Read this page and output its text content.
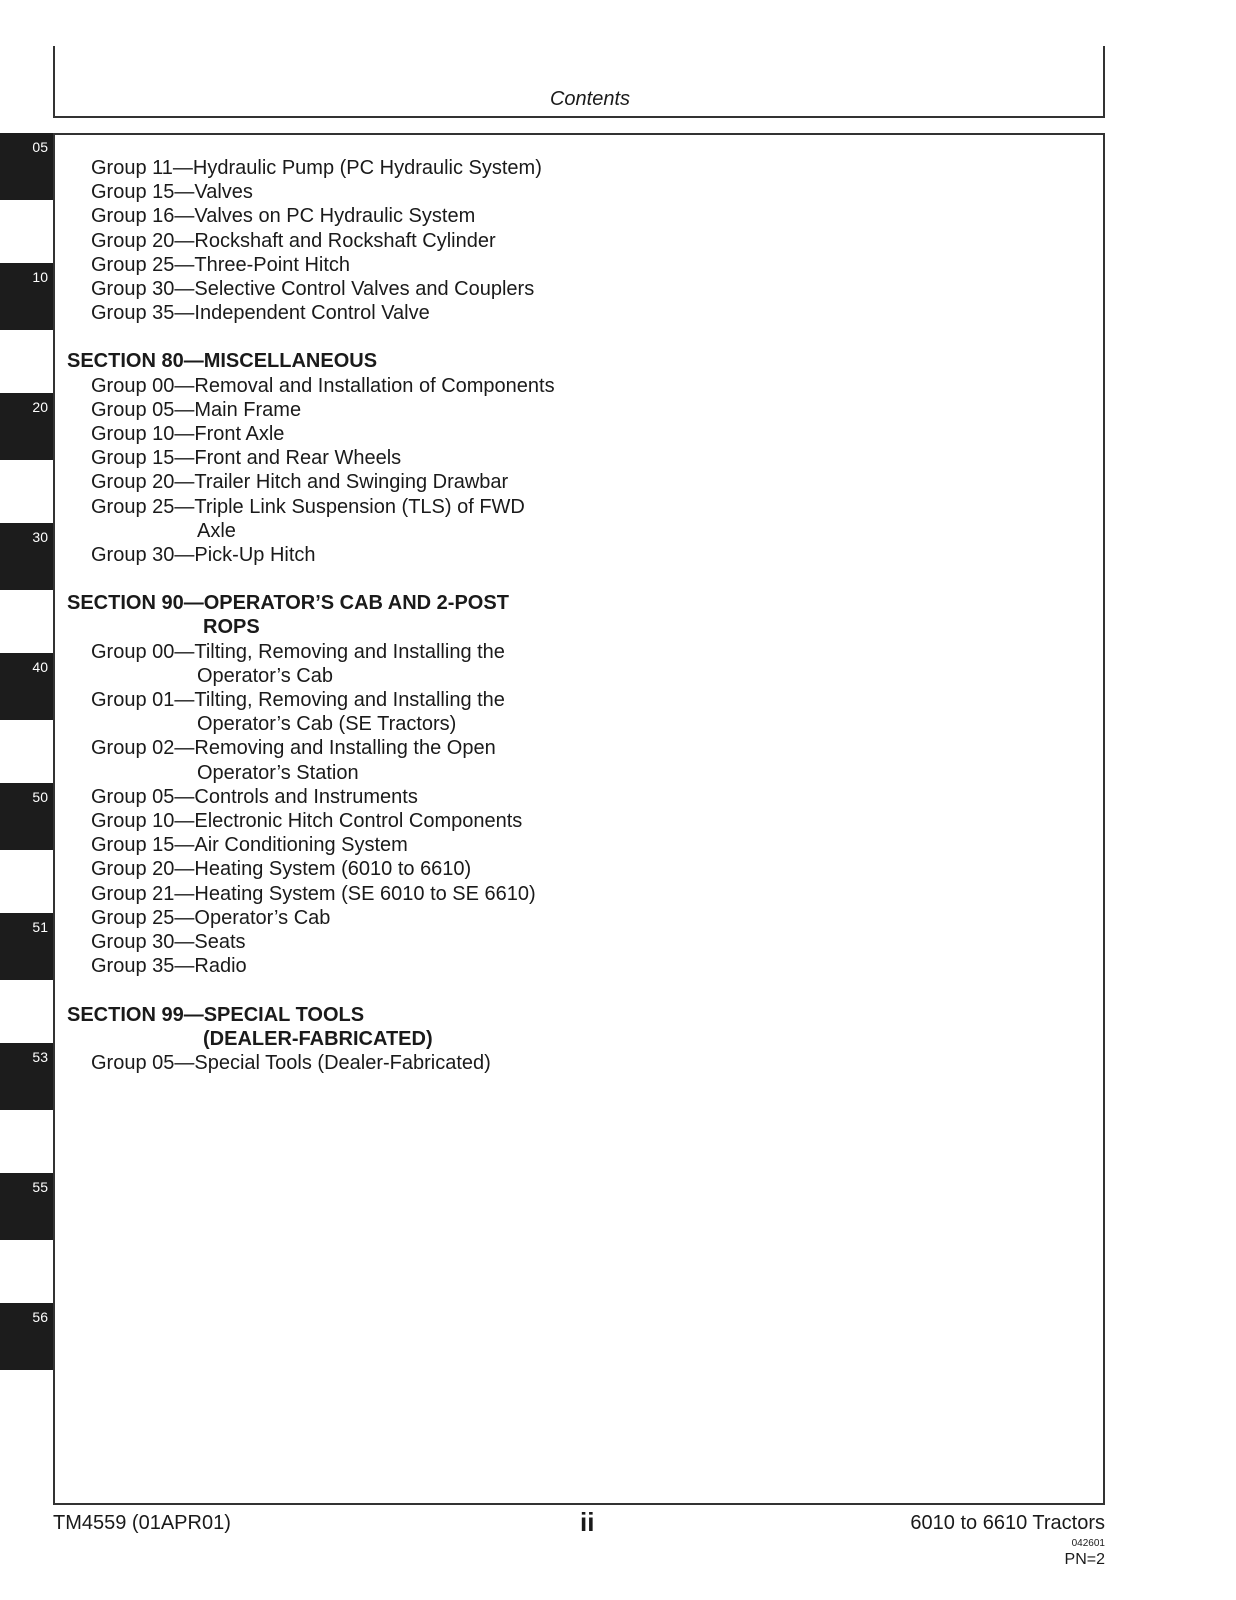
Contents
05
10
20
30
40
50
51
53
55
56
Group 11—Hydraulic Pump (PC Hydraulic System)
Group 15—Valves
Group 16—Valves on PC Hydraulic System
Group 20—Rockshaft and Rockshaft Cylinder
Group 25—Three-Point Hitch
Group 30—Selective Control Valves and Couplers
Group 35—Independent Control Valve
SECTION 80—MISCELLANEOUS
Group 00—Removal and Installation of Components
Group 05—Main Frame
Group 10—Front Axle
Group 15—Front and Rear Wheels
Group 20—Trailer Hitch and Swinging Drawbar
Group 25—Triple Link Suspension (TLS) of FWD
Axle
Group 30—Pick-Up Hitch
SECTION 90—OPERATOR’S CAB AND 2-POST
ROPS
Group 00—Tilting, Removing and Installing the
Operator’s Cab
Group 01—Tilting, Removing and Installing the
Operator’s Cab (SE Tractors)
Group 02—Removing and Installing the Open
Operator’s Station
Group 05—Controls and Instruments
Group 10—Electronic Hitch Control Components
Group 15—Air Conditioning System
Group 20—Heating System (6010 to 6610)
Group 21—Heating System (SE 6010 to SE 6610)
Group 25—Operator’s Cab
Group 30—Seats
Group 35—Radio
SECTION 99—SPECIAL TOOLS
(DEALER-FABRICATED)
Group 05—Special Tools (Dealer-Fabricated)
TM4559 (01APR01)	ii	6010 to 6610 Tractors
042601
PN=2
